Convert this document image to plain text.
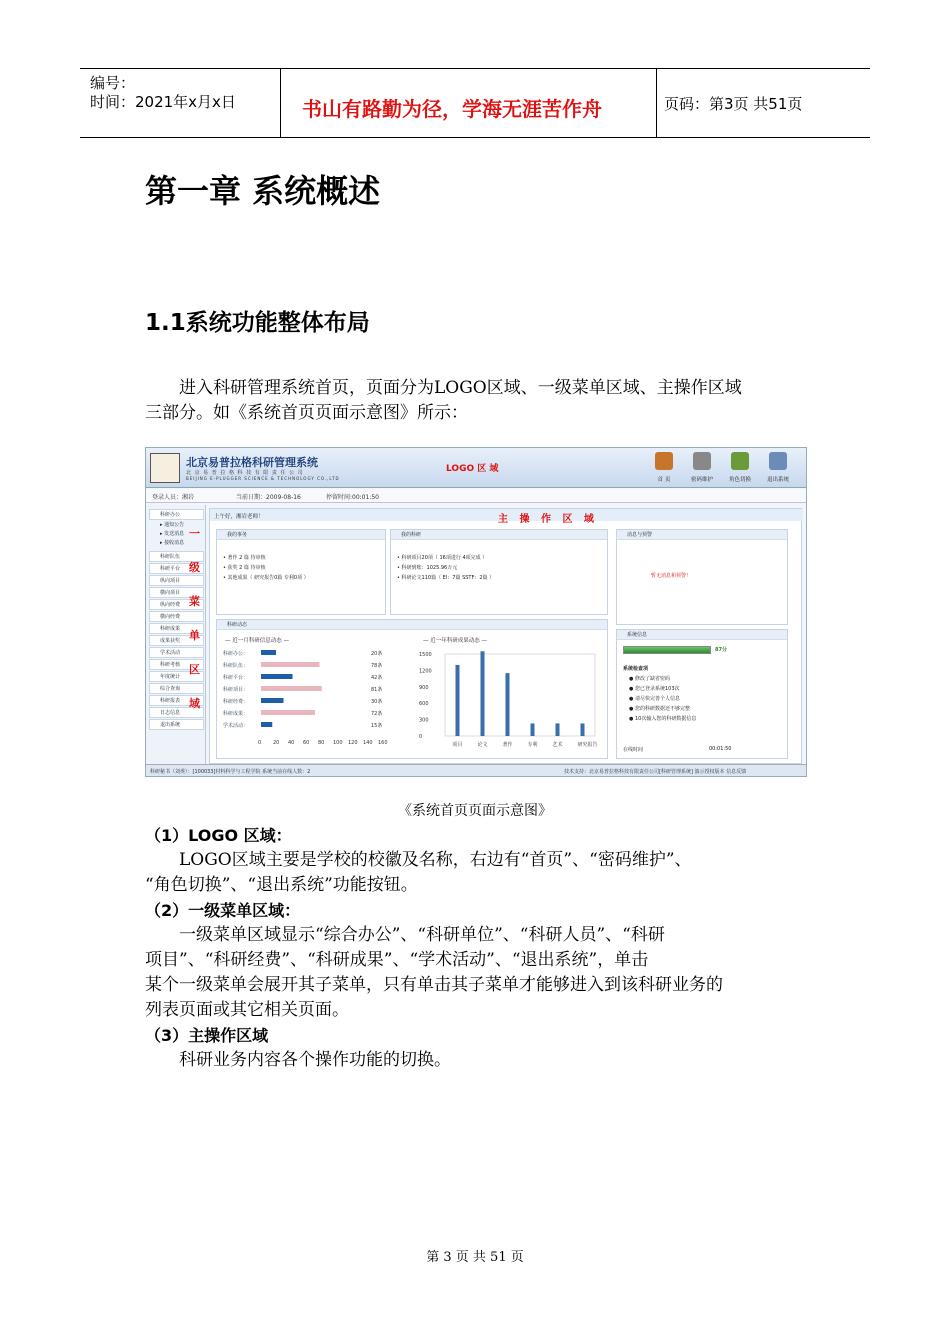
编号：
时间：2021年x月x日	书山有路勤为径，学海无涯苦作舟	页码：第3页 共51页
第一章 系统概述
1.1系统功能整体布局
进入科研管理系统首页，页面分为LOGO区域、一级菜单区域、主操作区域
三部分。如《系统首页页面示意图》所示：
北京易普拉格科研管理系统
北 京 易 普 拉 格 科 技 有 限 责 任 公 司
BEIJING E-PLUGGER SCIENCE & TECHNOLOGY CO.,LTD
LOGO 区 域
首 页	密码维护	角色切换	退出系统
登录人员：湘岩	当前日期：2009-08-16	停留时间:00:01:50
科研办公
▸ 通知公告
▸ 发送消息
▸ 接收消息
科研队伍
科研平台
纵向项目
横向项目
纵向经费
横向经费
科研成果
成果获奖
学术活动
科研考核
年度统计
综合查询
科研报表
日志信息
退出系统
一
级
菜
单
区
域
上午好，湘岩老师！	主 操 作 区 域
我的事务
• 著作 2 篇 待审核
• 获奖 2 篇 待审核
• 其他成果（ 研究报告0篇 专利0项 ）
我的科研
• 科研项目20项（ 16项进行 4项完成 ）
• 科研到账：1025.96万元
• 科研论文110篇（ EI：7篇 SSTF：2篇 ）
消息与预警
暂无消息和预警！
科研动态
— 近一月科研信息动态 —
科研办公：	20条
科研队伍：	78条
科研平台：	42条
科研项目：	81条
科研经费：	30条
科研成果：	72条
学术活动：	15条
0 20 40 60 80 100 120 140 160
— 近一年科研成果动态 —
1500
1200
900
600
300
0
项目	论文	著作	专利	艺术	研究报告
系统信息
87分
系统检查项
● 修改了缺省密码
● 您已登录系统103次
● 请尽快完善个人信息
● 您的科研数据还不够完整
● 10次输入您的科研数据信息
在线时间	00:01:50
科研秘书（刘䶮）：[100033]材料科学与工程学院 系统当前在线人数：2	技术支持：北京易普拉格科技有限责任公司[科研管理系统] 演示授权版本 信息反馈
《系统首页页面示意图》
（1）LOGO 区域：
LOGO区域主要是学校的校徽及名称，右边有“首页”、“密码维护”、
“角色切换”、“退出系统”功能按钮。
（2）一级菜单区域：
一级菜单区域显示“综合办公”、“科研单位”、“科研人员”、“科研
项目”、“科研经费”、“科研成果”、“学术活动”、“退出系统”，单击
某个一级菜单会展开其子菜单，只有单击其子菜单才能够进入到该科研业务的
列表页面或其它相关页面。
（3）主操作区域
科研业务内容各个操作功能的切换。
第 3 页 共 51 页
